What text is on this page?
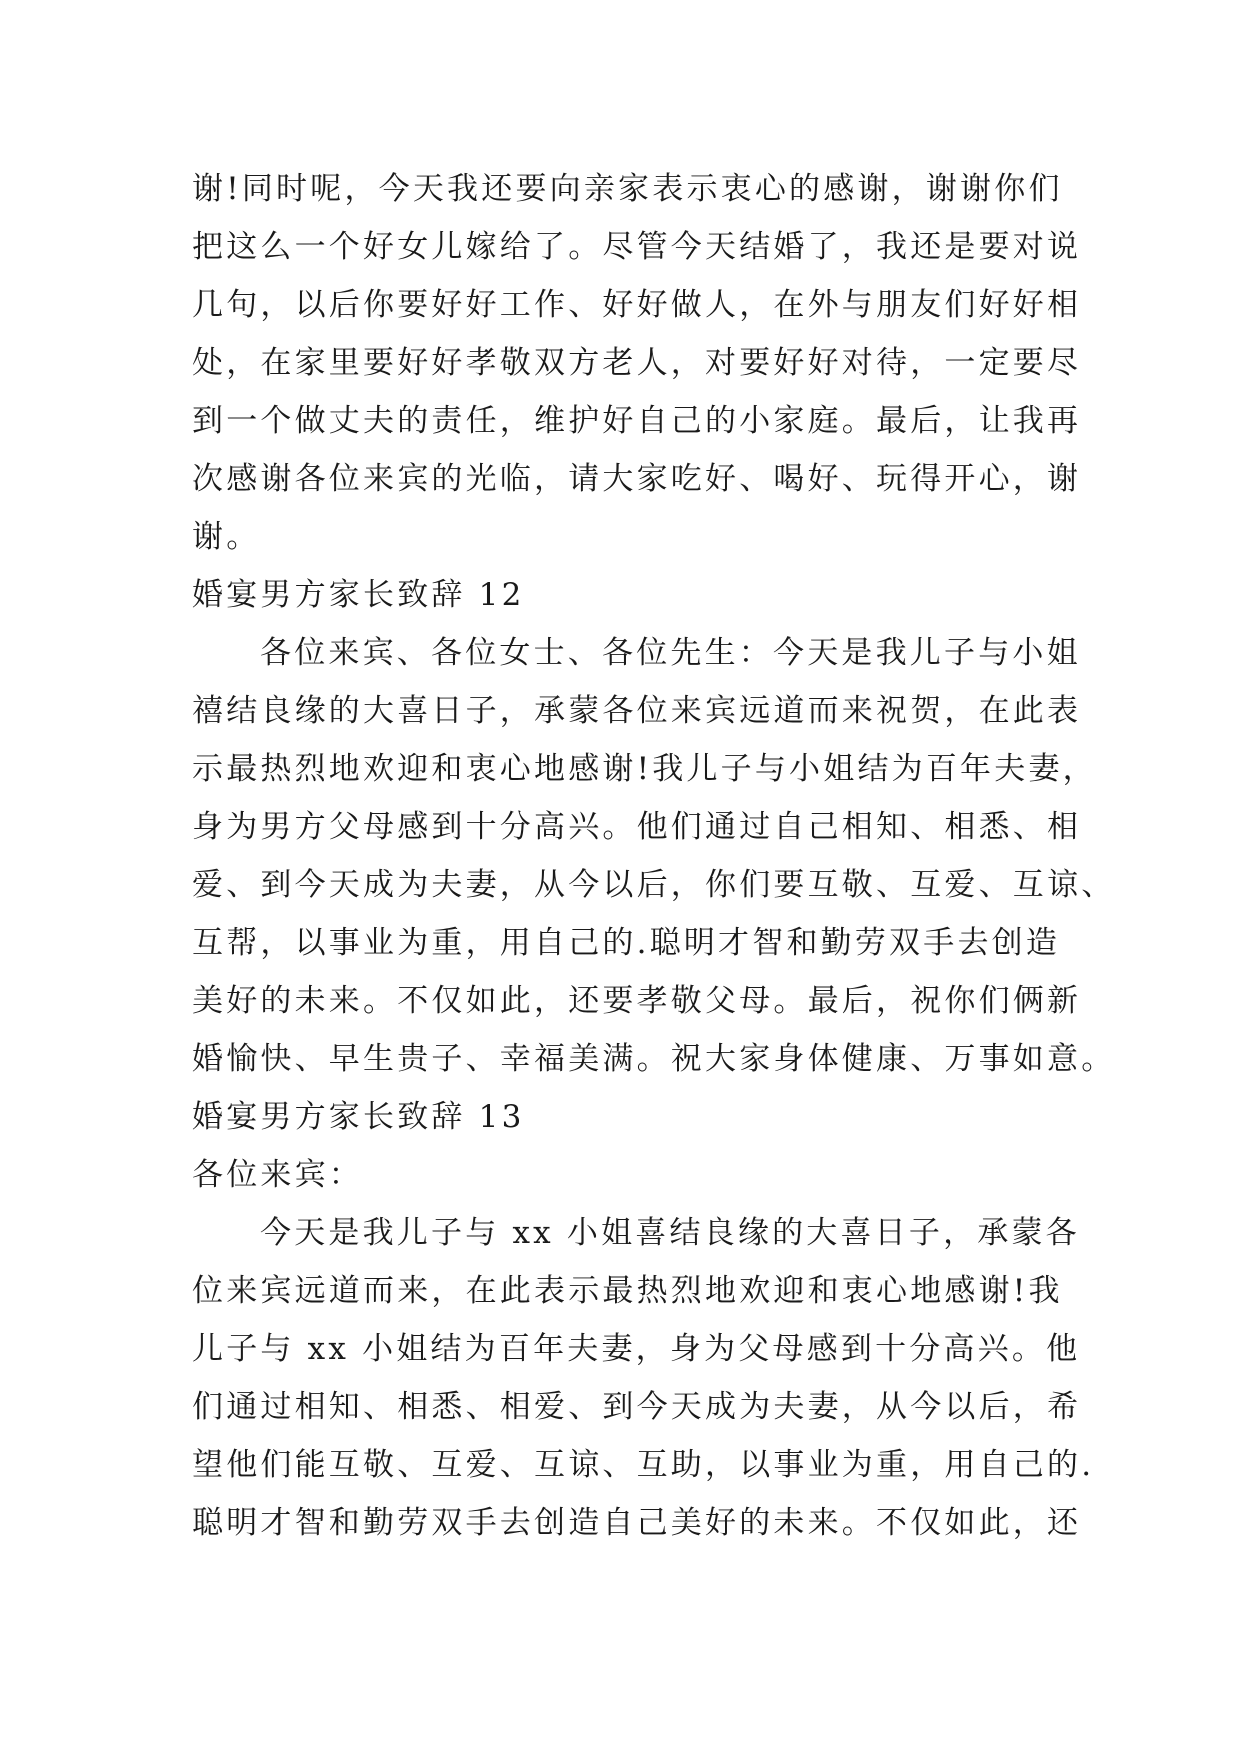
谢!同时呢，今天我还要向亲家表示衷心的感谢，谢谢你们
把这么一个好女儿嫁给了。尽管今天结婚了，我还是要对说
几句，以后你要好好工作、好好做人，在外与朋友们好好相
处，在家里要好好孝敬双方老人，对要好好对待，一定要尽
到一个做丈夫的责任，维护好自己的小家庭。最后，让我再
次感谢各位来宾的光临，请大家吃好、喝好、玩得开心，谢
谢。
婚宴男方家长致辞 12
各位来宾、各位女士、各位先生：今天是我儿子与小姐
禧结良缘的大喜日子，承蒙各位来宾远道而来祝贺，在此表
示最热烈地欢迎和衷心地感谢!我儿子与小姐结为百年夫妻，
身为男方父母感到十分高兴。他们通过自己相知、相悉、相
爱、到今天成为夫妻，从今以后，你们要互敬、互爱、互谅、
互帮，以事业为重，用自己的.聪明才智和勤劳双手去创造
美好的未来。不仅如此，还要孝敬父母。最后，祝你们俩新
婚愉快、早生贵子、幸福美满。祝大家身体健康、万事如意。
婚宴男方家长致辞 13
各位来宾：
今天是我儿子与 xx 小姐喜结良缘的大喜日子，承蒙各
位来宾远道而来，在此表示最热烈地欢迎和衷心地感谢!我
儿子与 xx 小姐结为百年夫妻，身为父母感到十分高兴。他
们通过相知、相悉、相爱、到今天成为夫妻，从今以后，希
望他们能互敬、互爱、互谅、互助，以事业为重，用自己的.
聪明才智和勤劳双手去创造自己美好的未来。不仅如此，还
